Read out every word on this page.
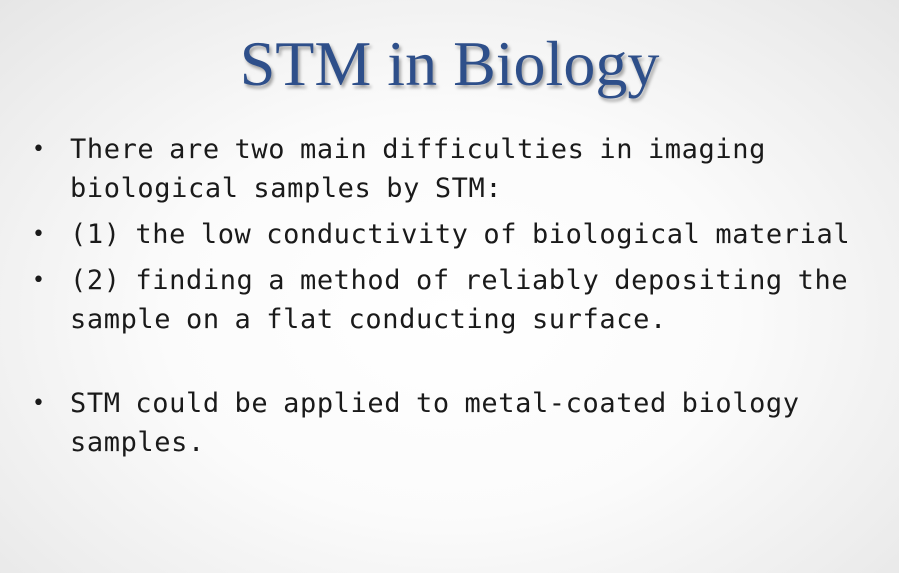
STM in Biology
• There are two main difficulties in imaging biological samples by STM:
• (1) the low conductivity of biological material
• (2) finding a method of reliably depositing the sample on a flat conducting surface.
• STM could be applied to metal-coated biology samples.
